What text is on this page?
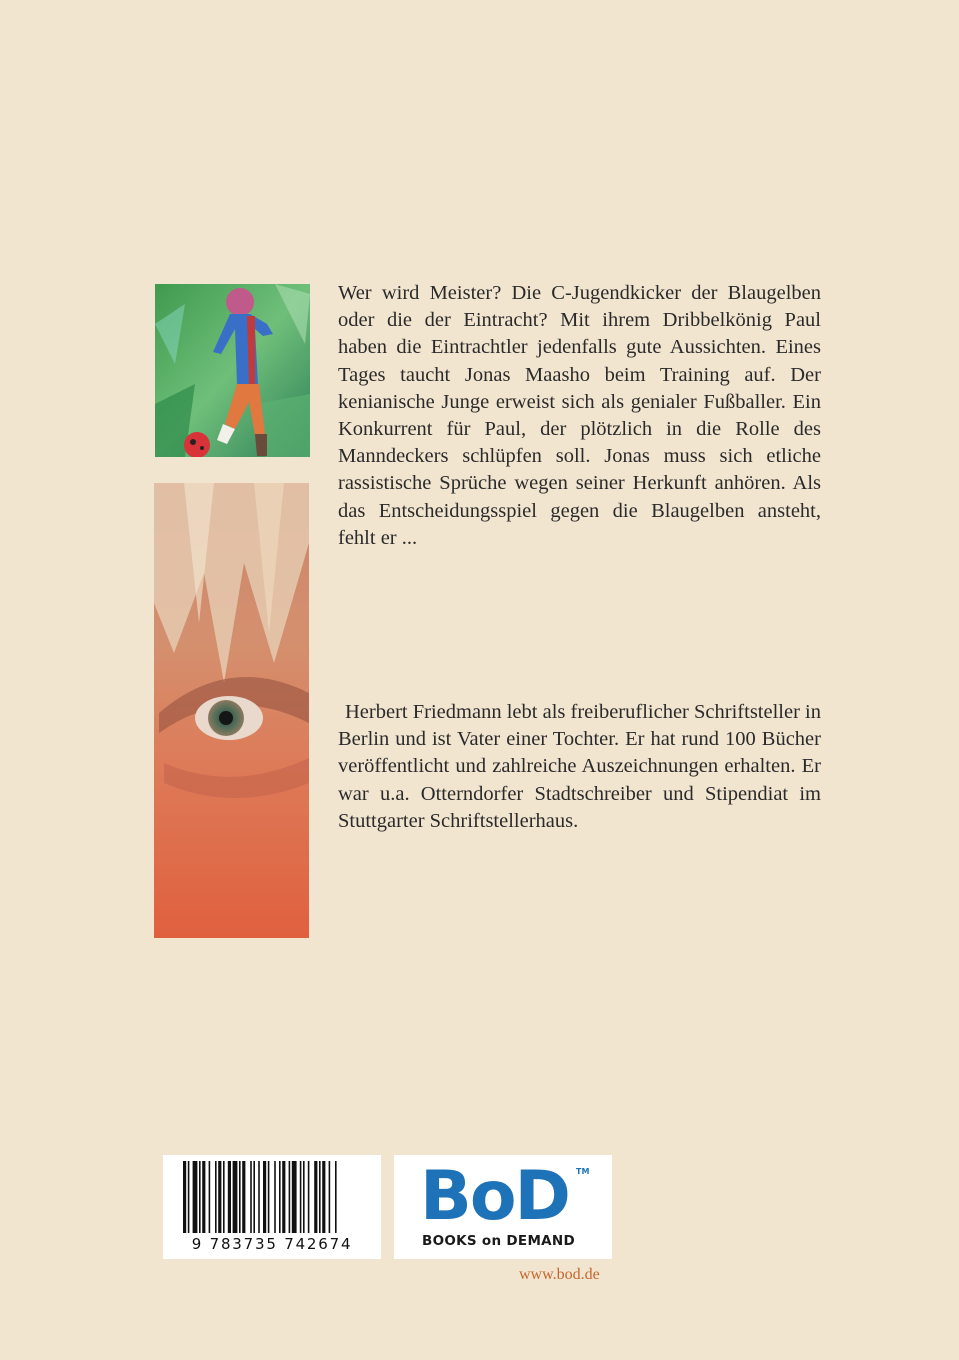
Wer wird Meister? Die C-Jugendkicker der Blaugelben oder die der Eintracht? Mit ihrem Dribbelkönig Paul haben die Eintrachtler jedenfalls gute Aussichten. Eines Tages taucht Jonas Maasho beim Training auf. Der kenianische Junge erweist sich als genialer Fußballer. Ein Konkurrent für Paul, der plötzlich in die Rolle des Manndeckers schlüpfen soll. Jonas muss sich etliche rassistische Sprüche wegen seiner Herkunft anhören. Als das Entscheidungsspiel gegen die Blaugelben ansteht, fehlt er ...

Herbert Friedmann lebt als freiberuflicher Schriftsteller in Berlin und ist Vater einer Tochter. Er hat rund 100 Bücher veröffentlicht und zahlreiche Auszeichnungen erhalten. Er war u.a. Otterndorfer Stadtschreiber und Stipendiat im Stuttgarter Schriftstellerhaus.

9 783735 742674
BoD TM
BOOKS on DEMAND
www.bod.de
